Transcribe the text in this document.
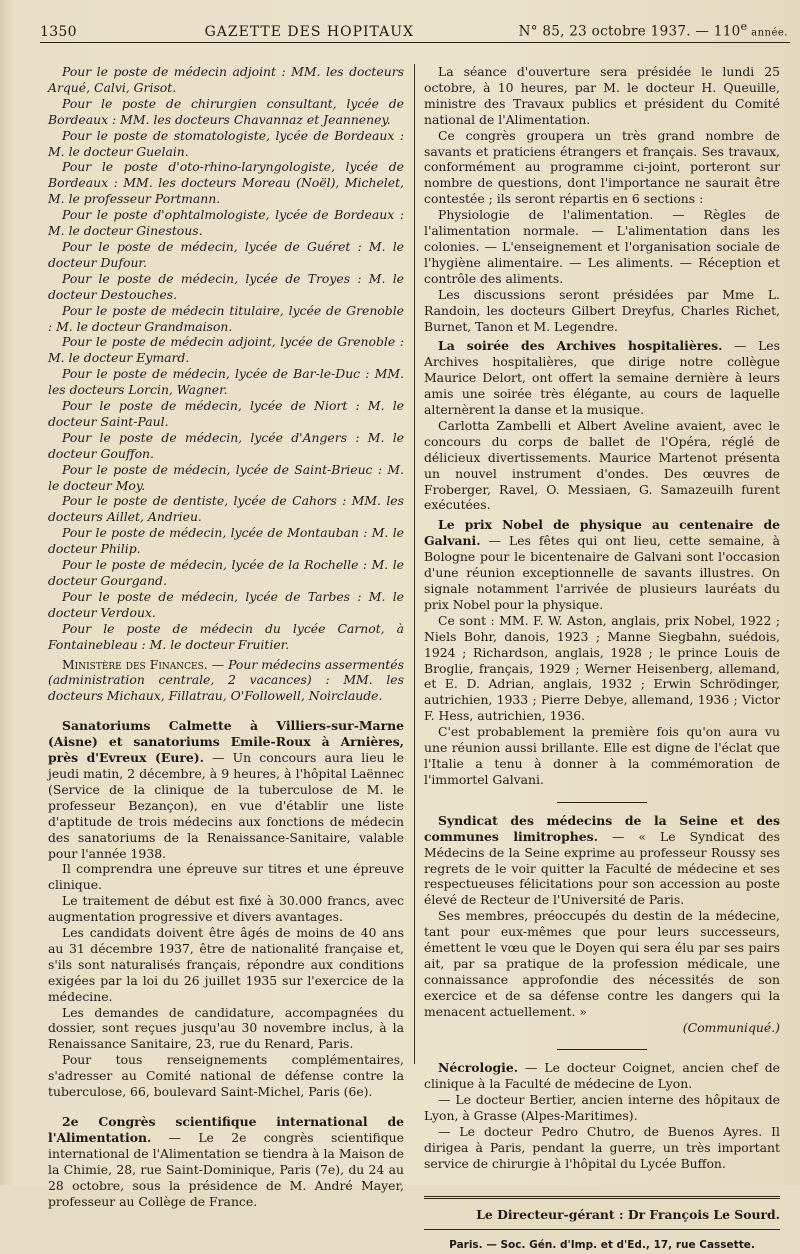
1350	GAZETTE DES HOPITAUX	N° 85, 23 octobre 1937. — 110e année.

Pour le poste de médecin adjoint : MM. les docteurs Arqué, Calvi, Grisot.

Pour le poste de chirurgien consultant, lycée de Bordeaux : MM. les docteurs Chavannaz et Jeanneney.

Pour le poste de stomatologiste, lycée de Bordeaux : M. le docteur Guelain.

Pour le poste d'oto-rhino-laryngologiste, lycée de Bordeaux : MM. les docteurs Moreau (Noël), Michelet, M. le professeur Portmann.

Pour le poste d'ophtalmologiste, lycée de Bordeaux : M. le docteur Ginestous.

Pour le poste de médecin, lycée de Guéret : M. le docteur Dufour.

Pour le poste de médecin, lycée de Troyes : M. le docteur Destouches.

Pour le poste de médecin titulaire, lycée de Grenoble : M. le docteur Grandmaison.

Pour le poste de médecin adjoint, lycée de Grenoble : M. le docteur Eymard.

Pour le poste de médecin, lycée de Bar-le-Duc : MM. les docteurs Lorcin, Wagner.

Pour le poste de médecin, lycée de Niort : M. le docteur Saint-Paul.

Pour le poste de médecin, lycée d'Angers : M. le docteur Gouffon.

Pour le poste de médecin, lycée de Saint-Brieuc : M. le docteur Moy.

Pour le poste de dentiste, lycée de Cahors : MM. les docteurs Aillet, Andrieu.

Pour le poste de médecin, lycée de Montauban : M. le docteur Philip.

Pour le poste de médecin, lycée de la Rochelle : M. le docteur Gourgand.

Pour le poste de médecin, lycée de Tarbes : M. le docteur Verdoux.

Pour le poste de médecin du lycée Carnot, à Fontainebleau : M. le docteur Fruitier.

Ministère des Finances. — Pour médecins assermentés (administration centrale, 2 vacances) : MM. les docteurs Michaux, Fillatrau, O'Followell, Noirclaude.

Sanatoriums Calmette à Villiers-sur-Marne (Aisne) et sanatoriums Emile-Roux à Arnières, près d'Evreux (Eure). — Un concours aura lieu le jeudi matin, 2 décembre, à 9 heures, à l'hôpital Laënnec (Service de la clinique de la tuberculose de M. le professeur Bezançon), en vue d'établir une liste d'aptitude de trois médecins aux fonctions de médecin des sanatoriums de la Renaissance-Sanitaire, valable pour l'année 1938.

Il comprendra une épreuve sur titres et une épreuve clinique.

Le traitement de début est fixé à 30.000 francs, avec augmentation progressive et divers avantages.

Les candidats doivent être âgés de moins de 40 ans au 31 décembre 1937, être de nationalité française et, s'ils sont naturalisés français, répondre aux conditions exigées par la loi du 26 juillet 1935 sur l'exercice de la médecine.

Les demandes de candidature, accompagnées du dossier, sont reçues jusqu'au 30 novembre inclus, à la Renaissance Sanitaire, 23, rue du Renard, Paris.

Pour tous renseignements complémentaires, s'adresser au Comité national de défense contre la tuberculose, 66, boulevard Saint-Michel, Paris (6e).

2e Congrès scientifique international de l'Alimentation. — Le 2e congrès scientifique international de l'Alimentation se tiendra à la Maison de la Chimie, 28, rue Saint-Dominique, Paris (7e), du 24 au 28 octobre, sous la présidence de M. André Mayer, professeur au Collège de France.

La séance d'ouverture sera présidée le lundi 25 octobre, à 10 heures, par M. le docteur H. Queuille, ministre des Travaux publics et président du Comité national de l'Alimentation.

Ce congrès groupera un très grand nombre de savants et praticiens étrangers et français. Ses travaux, conformément au programme ci-joint, porteront sur nombre de questions, dont l'importance ne saurait être contestée ; ils seront répartis en 6 sections :

Physiologie de l'alimentation. — Règles de l'alimentation normale. — L'alimentation dans les colonies. — L'enseignement et l'organisation sociale de l'hygiène alimentaire. — Les aliments. — Réception et contrôle des aliments.

Les discussions seront présidées par Mme L. Randoin, les docteurs Gilbert Dreyfus, Charles Richet, Burnet, Tanon et M. Legendre.

La soirée des Archives hospitalières. — Les Archives hospitalières, que dirige notre collègue Maurice Delort, ont offert la semaine dernière à leurs amis une soirée très élégante, au cours de laquelle alternèrent la danse et la musique.

Carlotta Zambelli et Albert Aveline avaient, avec le concours du corps de ballet de l'Opéra, réglé de délicieux divertissements. Maurice Martenot présenta un nouvel instrument d'ondes. Des œuvres de Froberger, Ravel, O. Messiaen, G. Samazeuilh furent exécutées.

Le prix Nobel de physique au centenaire de Galvani. — Les fêtes qui ont lieu, cette semaine, à Bologne pour le bicentenaire de Galvani sont l'occasion d'une réunion exceptionnelle de savants illustres. On signale notamment l'arrivée de plusieurs lauréats du prix Nobel pour la physique.

Ce sont : MM. F. W. Aston, anglais, prix Nobel, 1922 ; Niels Bohr, danois, 1923 ; Manne Siegbahn, suédois, 1924 ; Richardson, anglais, 1928 ; le prince Louis de Broglie, français, 1929 ; Werner Heisenberg, allemand, et E. D. Adrian, anglais, 1932 ; Erwin Schrödinger, autrichien, 1933 ; Pierre Debye, allemand, 1936 ; Victor F. Hess, autrichien, 1936.

C'est probablement la première fois qu'on aura vu une réunion aussi brillante. Elle est digne de l'éclat que l'Italie a tenu à donner à la commémoration de l'immortel Galvani.

Syndicat des médecins de la Seine et des communes limitrophes. — « Le Syndicat des Médecins de la Seine exprime au professeur Roussy ses regrets de le voir quitter la Faculté de médecine et ses respectueuses félicitations pour son accession au poste élevé de Recteur de l'Université de Paris.

Ses membres, préoccupés du destin de la médecine, tant pour eux-mêmes que pour leurs successeurs, émettent le vœu que le Doyen qui sera élu par ses pairs ait, par sa pratique de la profession médicale, une connaissance approfondie des nécessités de son exercice et de sa défense contre les dangers qui la menacent actuellement. »

(Communiqué.)

Nécrologie. — Le docteur Coignet, ancien chef de clinique à la Faculté de médecine de Lyon.

— Le docteur Bertier, ancien interne des hôpitaux de Lyon, à Grasse (Alpes-Maritimes).

— Le docteur Pedro Chutro, de Buenos Ayres. Il dirigea à Paris, pendant la guerre, un très important service de chirurgie à l'hôpital du Lycée Buffon.

Le Directeur-gérant : Dr François Le Sourd.
Paris. — Soc. Gén. d'Imp. et d'Ed., 17, rue Cassette.
